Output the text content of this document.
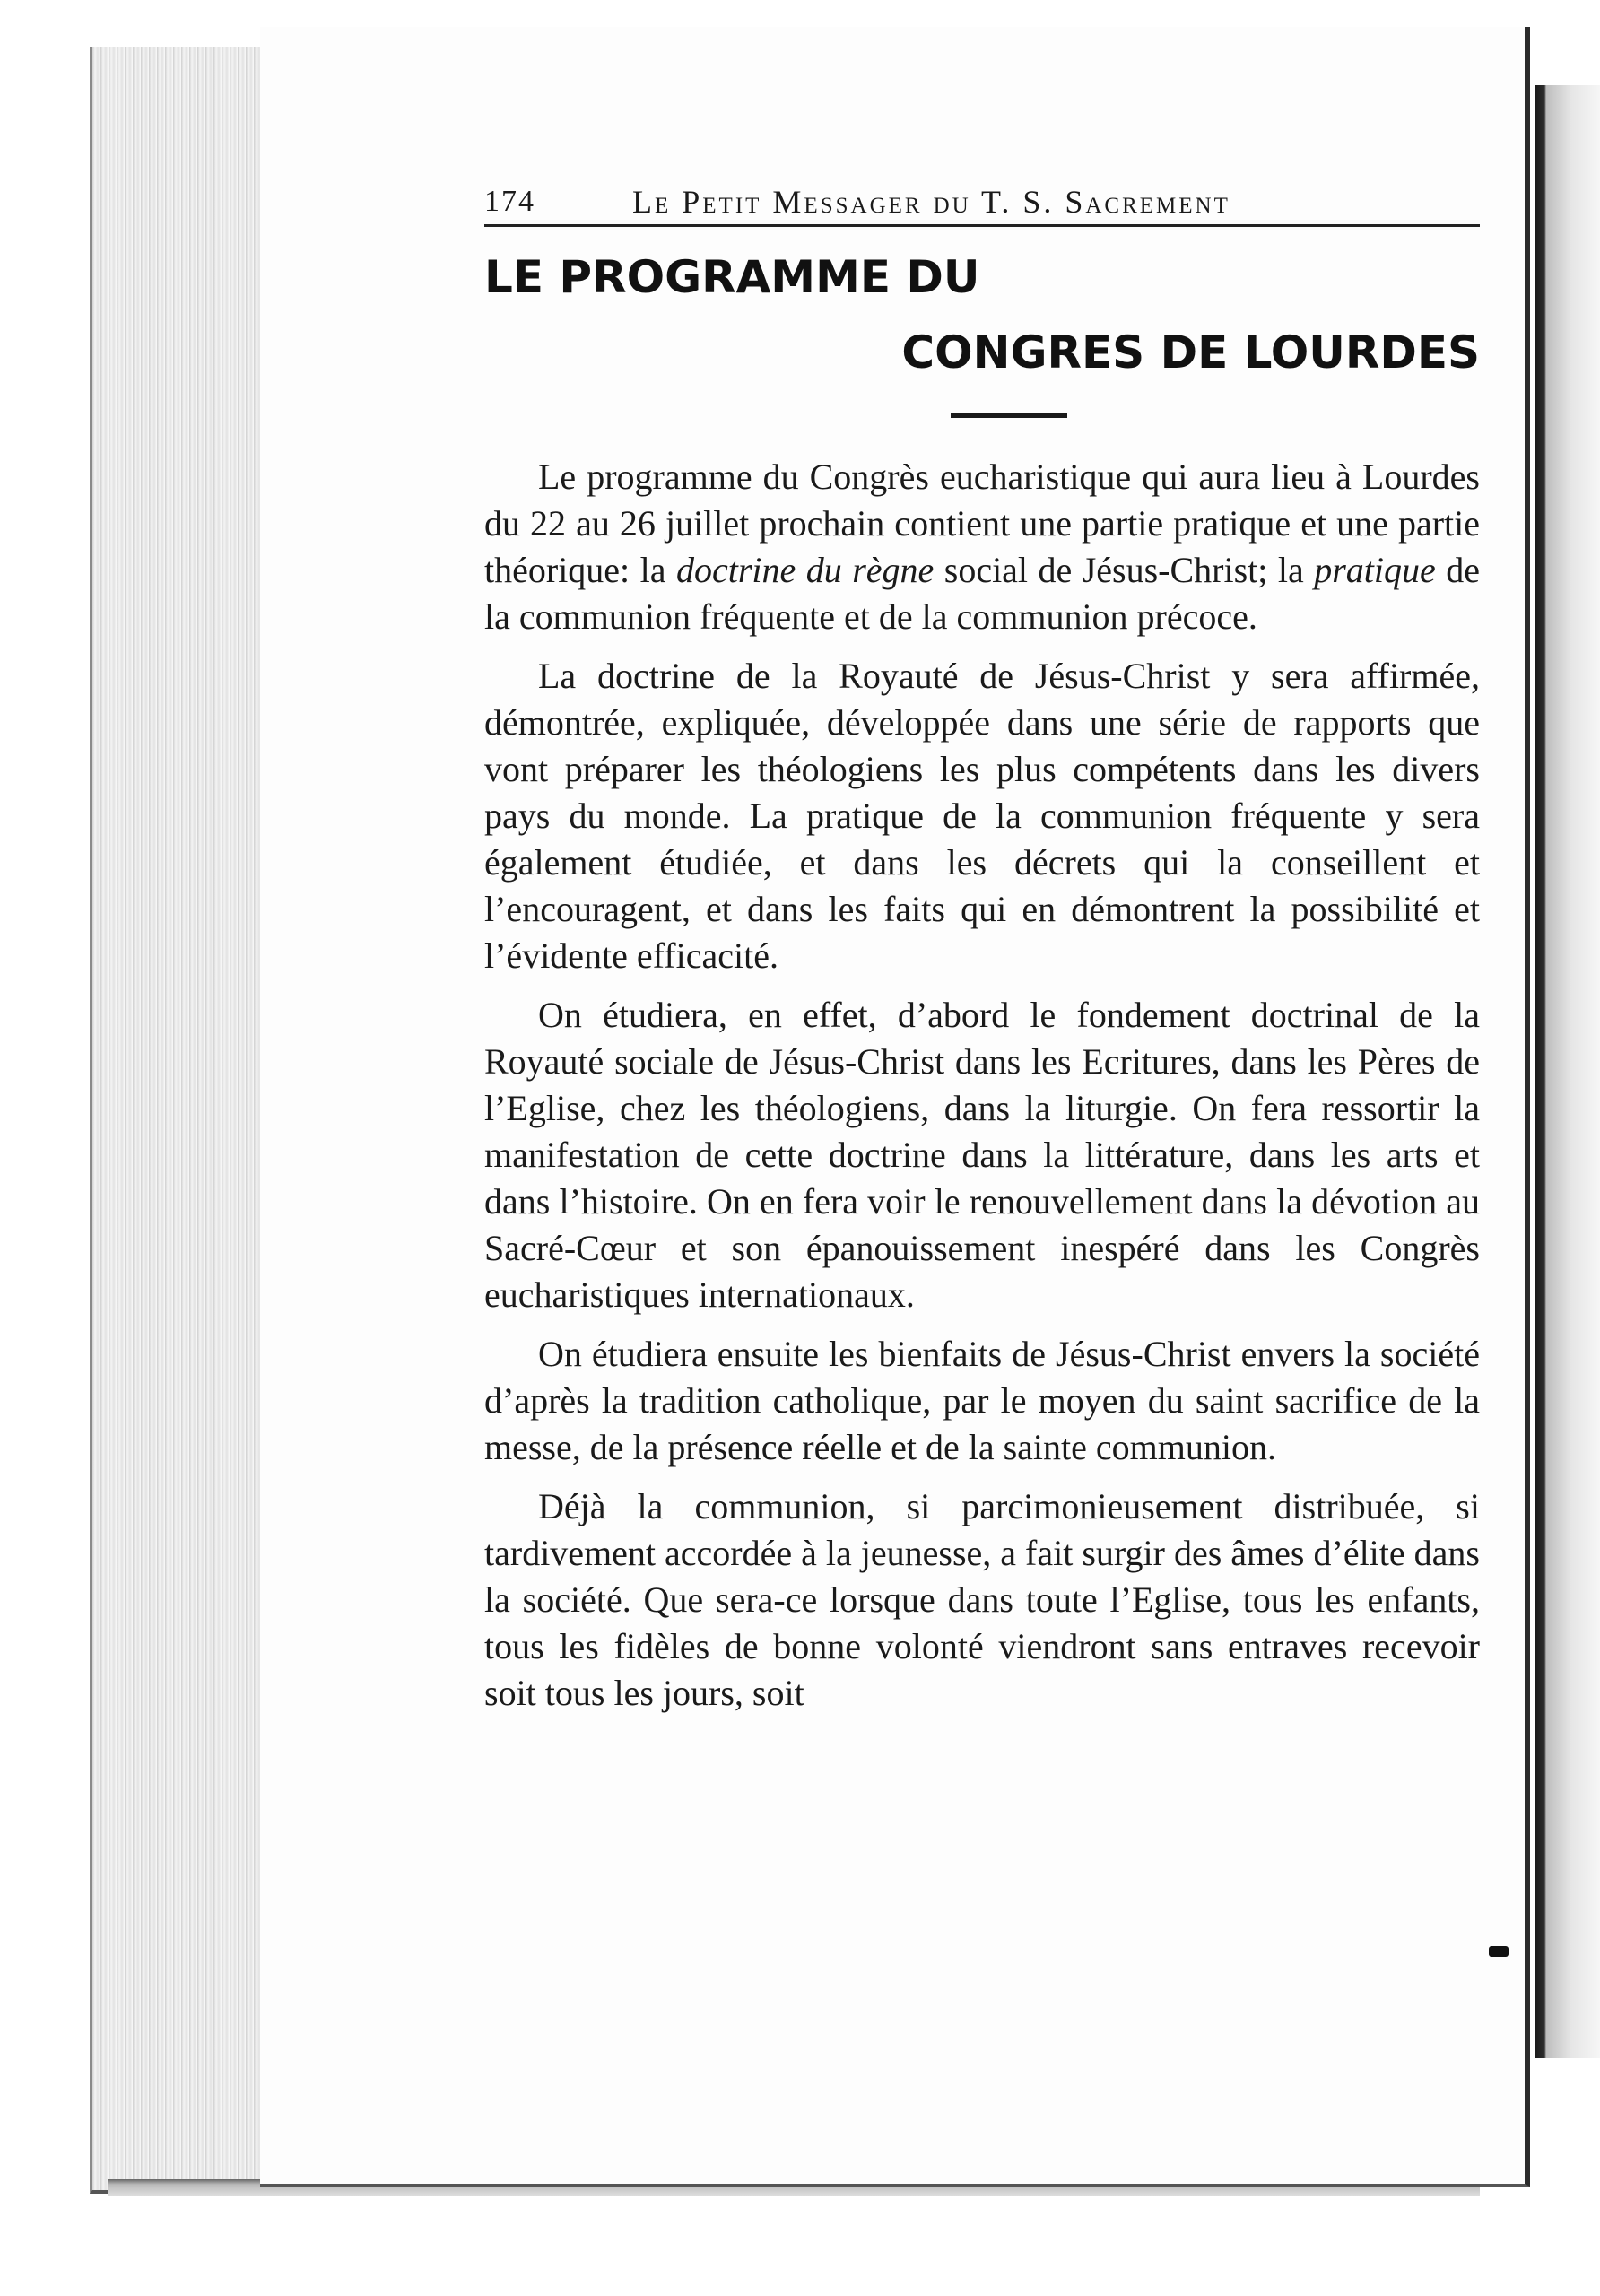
174	Le Petit Messager du T. S. Sacrement
LE PROGRAMME DU
CONGRES DE LOURDES

Le programme du Congrès eucharistique qui aura lieu à Lourdes du 22 au 26 juillet prochain contient une partie pratique et une partie théorique: la doctrine du règne social de Jésus-Christ; la pratique de la communion fréquente et de la communion précoce.

La doctrine de la Royauté de Jésus-Christ y sera affirmée, démontrée, expliquée, développée dans une série de rapports que vont préparer les théologiens les plus compétents dans les divers pays du monde. La pratique de la communion fréquente y sera également étudiée, et dans les décrets qui la conseillent et l’encouragent, et dans les faits qui en démontrent la possibilité et l’évidente efficacité.

On étudiera, en effet, d’abord le fondement doctrinal de la Royauté sociale de Jésus-Christ dans les Ecritures, dans les Pères de l’Eglise, chez les théologiens, dans la liturgie. On fera ressortir la manifestation de cette doctrine dans la littérature, dans les arts et dans l’histoire. On en fera voir le renouvellement dans la dévotion au Sacré-Cœur et son épanouissement inespéré dans les Congrès eucharistiques internationaux.

On étudiera ensuite les bienfaits de Jésus-Christ envers la société d’après la tradition catholique, par le moyen du saint sacrifice de la messe, de la présence réelle et de la sainte communion.

Déjà la communion, si parcimonieusement distribuée, si tardivement accordée à la jeunesse, a fait surgir des âmes d’élite dans la société. Que sera-ce lorsque dans toute l’Eglise, tous les enfants, tous les fidèles de bonne volonté viendront sans entraves recevoir soit tous les jours, soit
